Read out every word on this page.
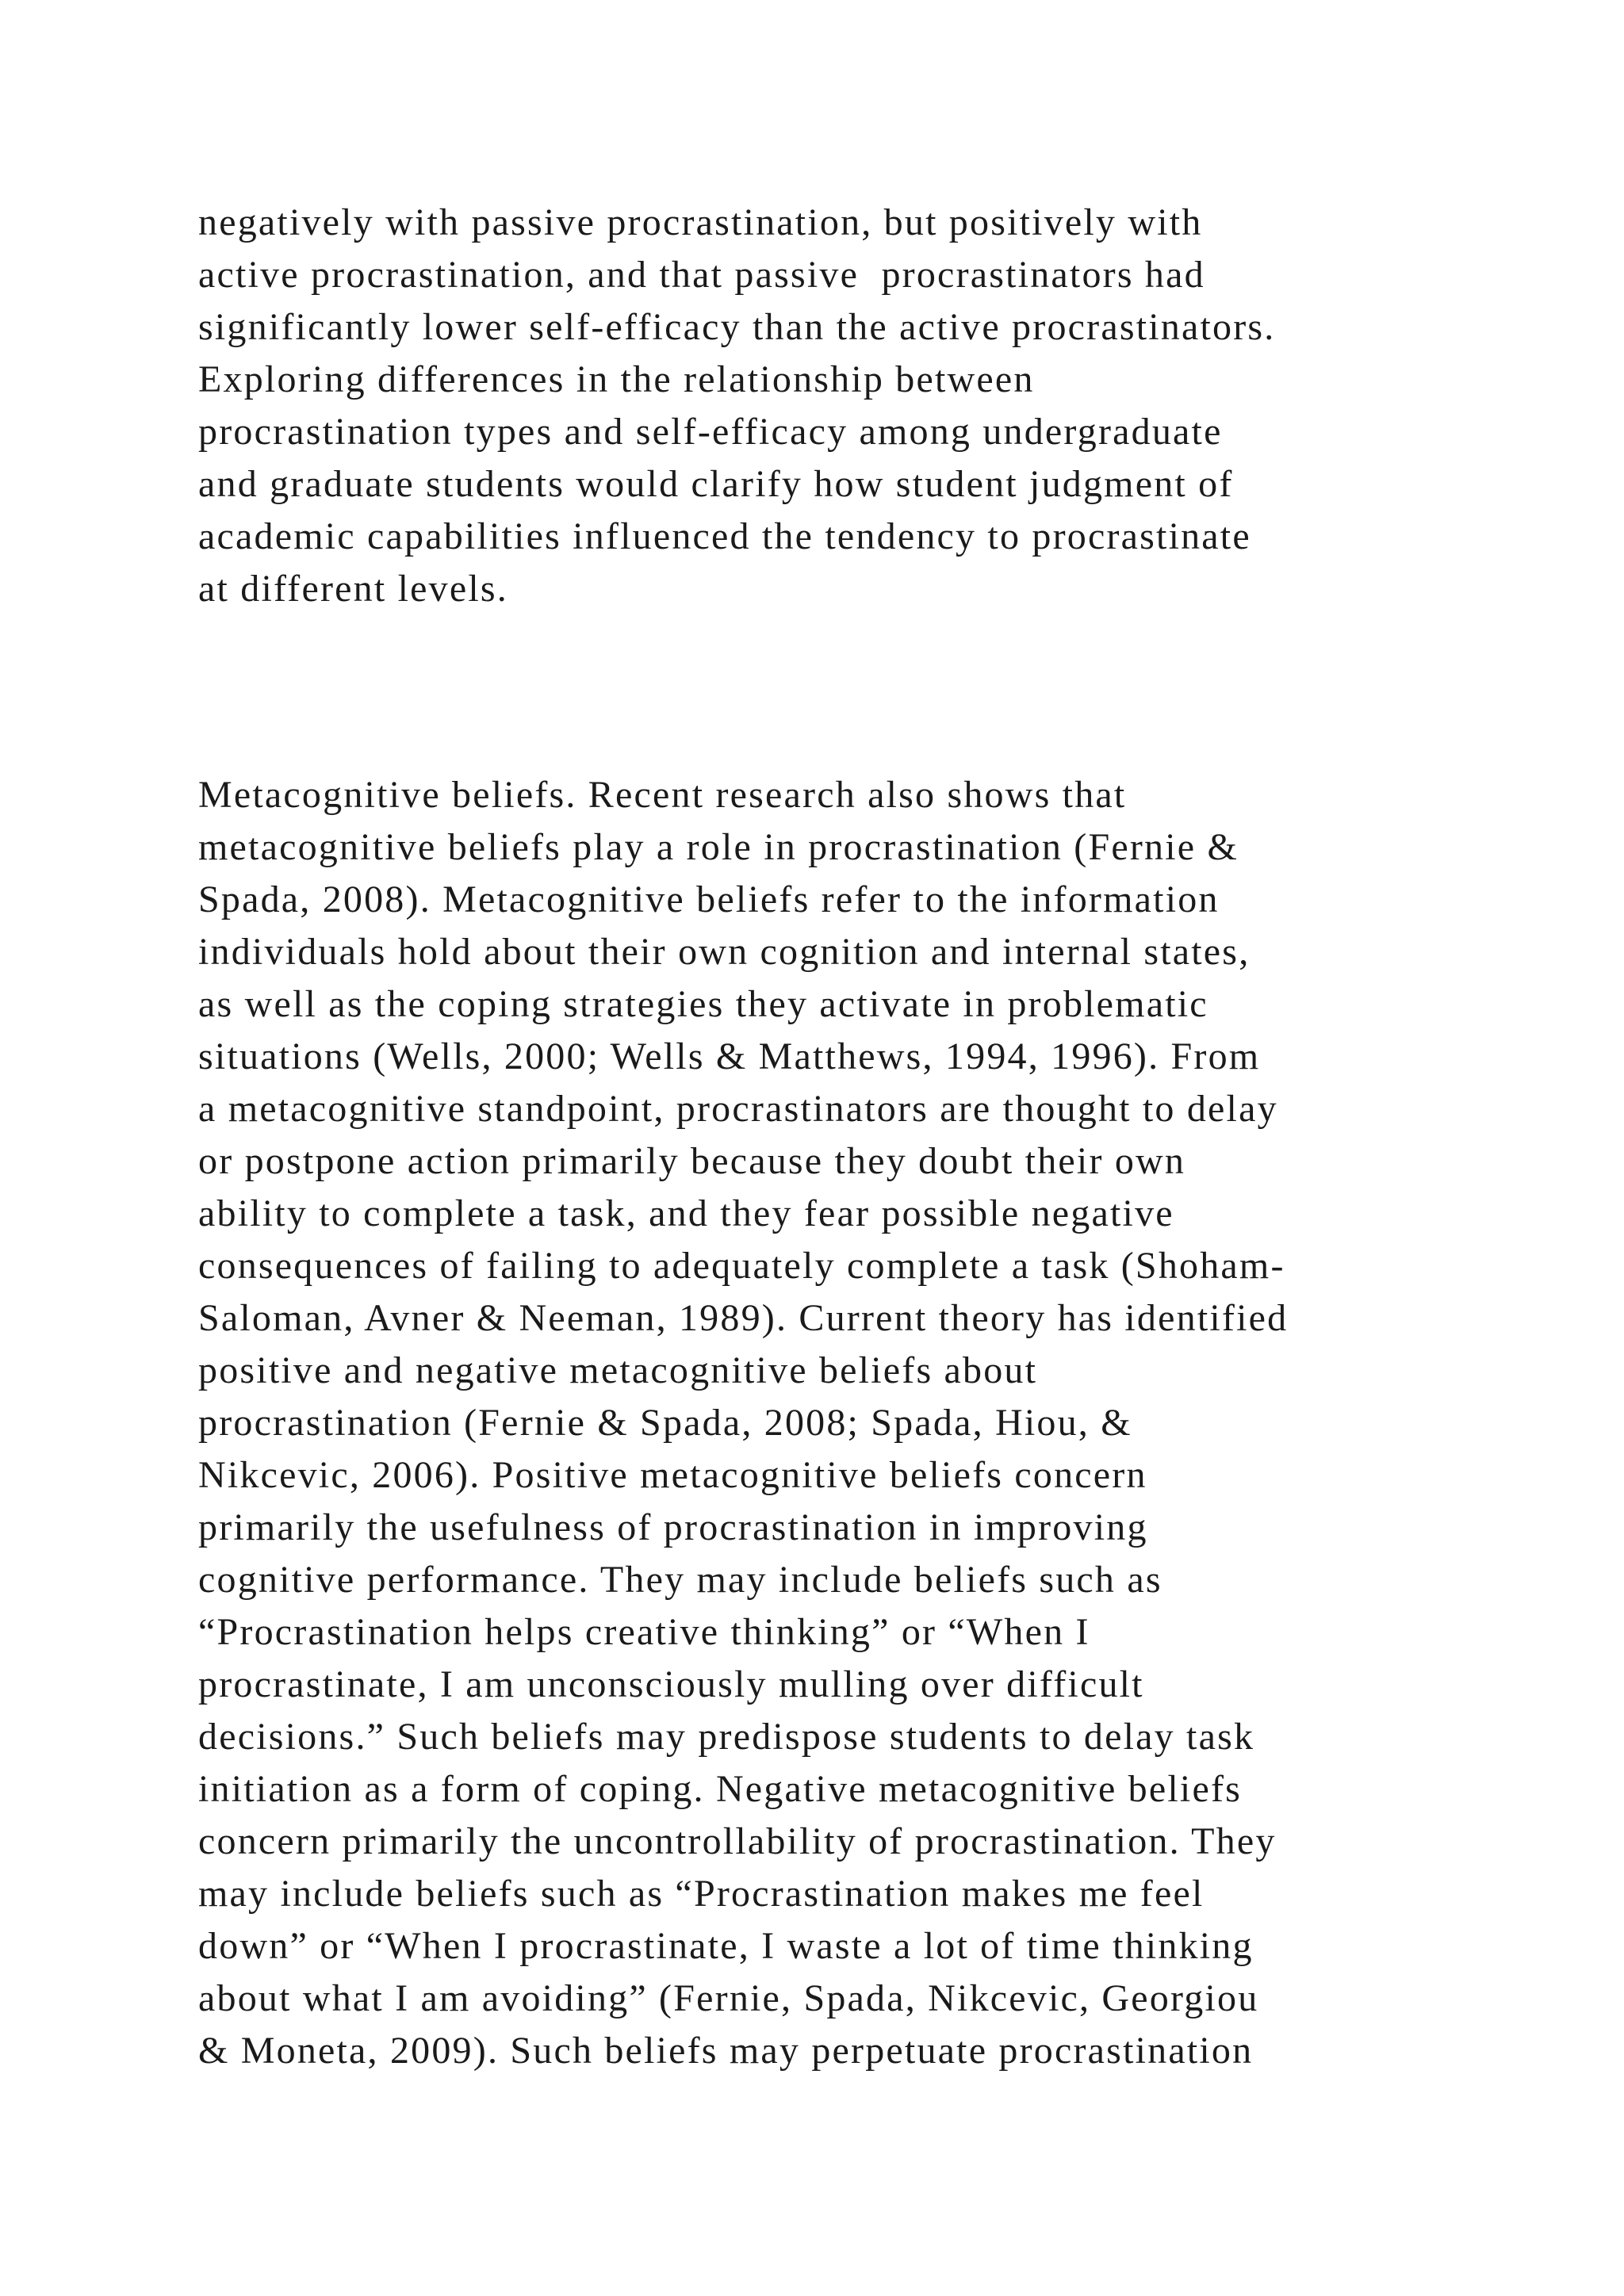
negatively with passive procrastination, but positively with
active procrastination, and that passive  procrastinators had
significantly lower self-efficacy than the active procrastinators.
Exploring differences in the relationship between
procrastination types and self-efficacy among undergraduate
and graduate students would clarify how student judgment of
academic capabilities influenced the tendency to procrastinate
at different levels.
Metacognitive beliefs. Recent research also shows that
metacognitive beliefs play a role in procrastination (Fernie &
Spada, 2008). Metacognitive beliefs refer to the information
individuals hold about their own cognition and internal states,
as well as the coping strategies they activate in problematic
situations (Wells, 2000; Wells & Matthews, 1994, 1996). From
a metacognitive standpoint, procrastinators are thought to delay
or postpone action primarily because they doubt their own
ability to complete a task, and they fear possible negative
consequences of failing to adequately complete a task (Shoham-
Saloman, Avner & Neeman, 1989). Current theory has identified
positive and negative metacognitive beliefs about
procrastination (Fernie & Spada, 2008; Spada, Hiou, &
Nikcevic, 2006). Positive metacognitive beliefs concern
primarily the usefulness of procrastination in improving
cognitive performance. They may include beliefs such as
“Procrastination helps creative thinking” or “When I
procrastinate, I am unconsciously mulling over difficult
decisions.” Such beliefs may predispose students to delay task
initiation as a form of coping. Negative metacognitive beliefs
concern primarily the uncontrollability of procrastination. They
may include beliefs such as “Procrastination makes me feel
down” or “When I procrastinate, I waste a lot of time thinking
about what I am avoiding” (Fernie, Spada, Nikcevic, Georgiou
& Moneta, 2009). Such beliefs may perpetuate procrastination
